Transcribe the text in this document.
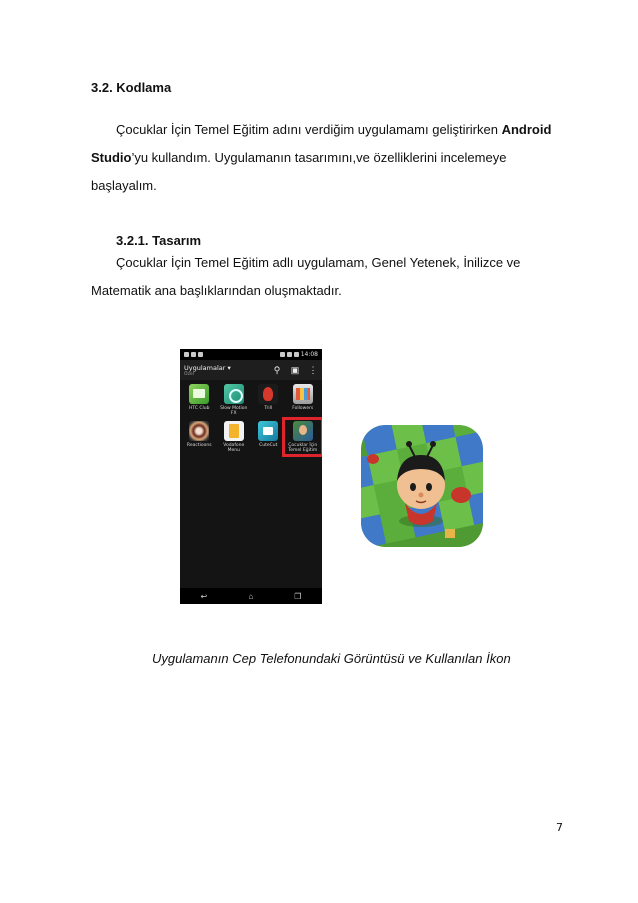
3.2. Kodlama
Çocuklar İçin Temel Eğitim adını verdiğim uygulamamı geliştirirken Android Studio’yu kullandım. Uygulamanın tasarımını,ve özelliklerini incelemeye başlayalım.
3.2.1. Tasarım
Çocuklar İçin Temel Eğitim adlı uygulamam, Genel Yetenek, İnilizce ve Matematik ana başlıklarından oluşmaktadır.
14:08
Uygulamalar ▾
Özel	⚲ ▣ ⋮
HTC Club	Slow Motion FX
Trill	Followers
Reactioons	Vodafone Menu
CuteCut	Çocuklar İçin Temel Eğitim
↩	⌂	❐
Uygulamanın Cep Telefonundaki Görüntüsü ve Kullanılan İkon
7
